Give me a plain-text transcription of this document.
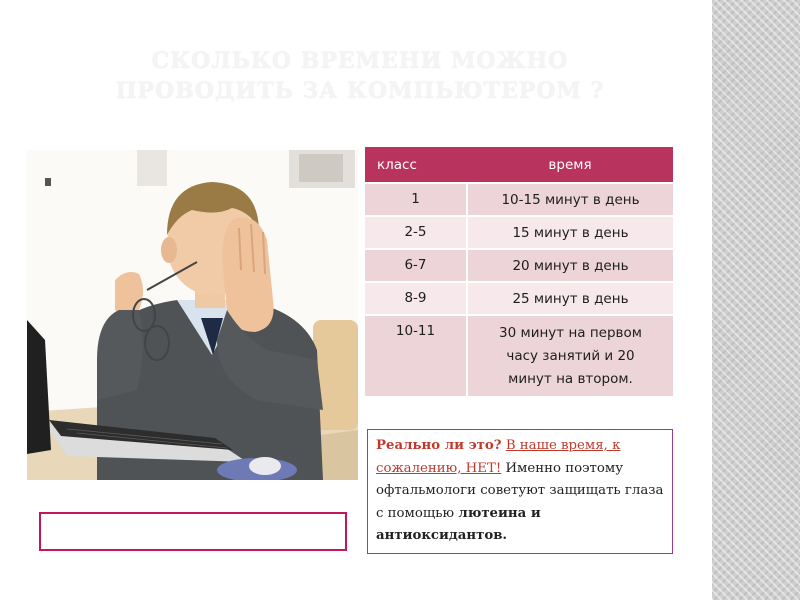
СКОЛЬКО ВРЕМЕНИ МОЖНО
ПРОВОДИТЬ ЗА КОМПЬЮТЕРОМ ?
класс	время
1	10-15 минут в день
2-5	15 минут в день
6-7	20 минут в день
8-9	25 минут в день
10-11	30 минут на первом
часу занятий и 20
минут на втором.
Реально ли это? В наше время, к сожалению, НЕТ! Именно поэтому офтальмологи советуют защищать глаза с помощью лютеина и антиоксидантов.
